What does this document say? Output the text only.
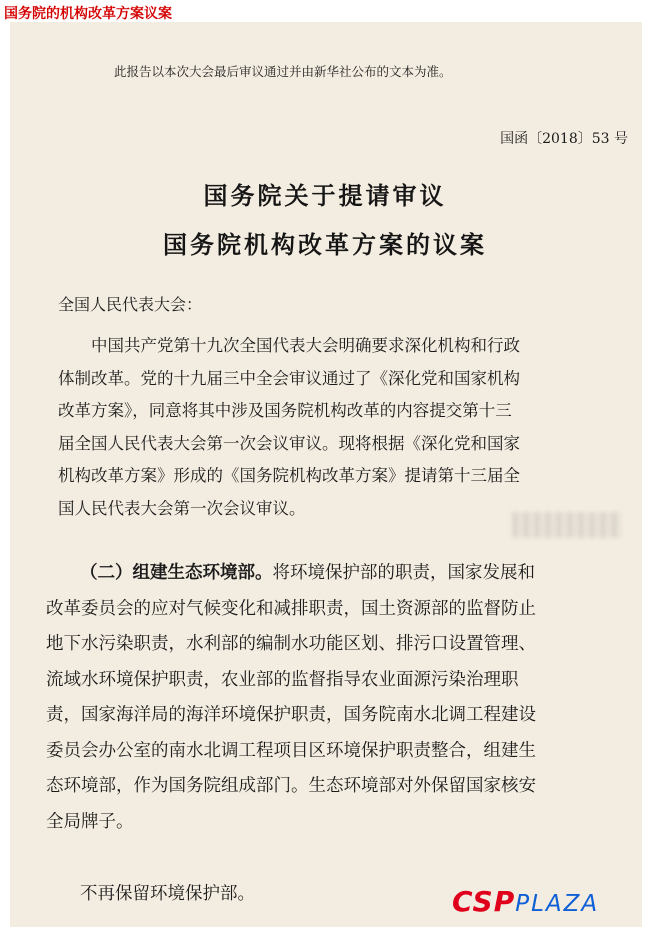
国务院的机构改革方案议案
此报告以本次大会最后审议通过并由新华社公布的文本为准。
国函〔2018〕53 号
国务院关于提请审议
国务院机构改革方案的议案
全国人民代表大会：
中国共产党第十九次全国代表大会明确要求深化机构和行政
体制改革。党的十九届三中全会审议通过了《深化党和国家机构
改革方案》，同意将其中涉及国务院机构改革的内容提交第十三
届全国人民代表大会第一次会议审议。现将根据《深化党和国家
机构改革方案》形成的《国务院机构改革方案》提请第十三届全
国人民代表大会第一次会议审议。
（二）组建生态环境部。将环境保护部的职责，国家发展和
改革委员会的应对气候变化和减排职责，国土资源部的监督防止
地下水污染职责，水利部的编制水功能区划、排污口设置管理、
流域水环境保护职责，农业部的监督指导农业面源污染治理职
责，国家海洋局的海洋环境保护职责，国务院南水北调工程建设
委员会办公室的南水北调工程项目区环境保护职责整合，组建生
态环境部，作为国务院组成部门。生态环境部对外保留国家核安
全局牌子。
不再保留环境保护部。	CSPPLAZA
